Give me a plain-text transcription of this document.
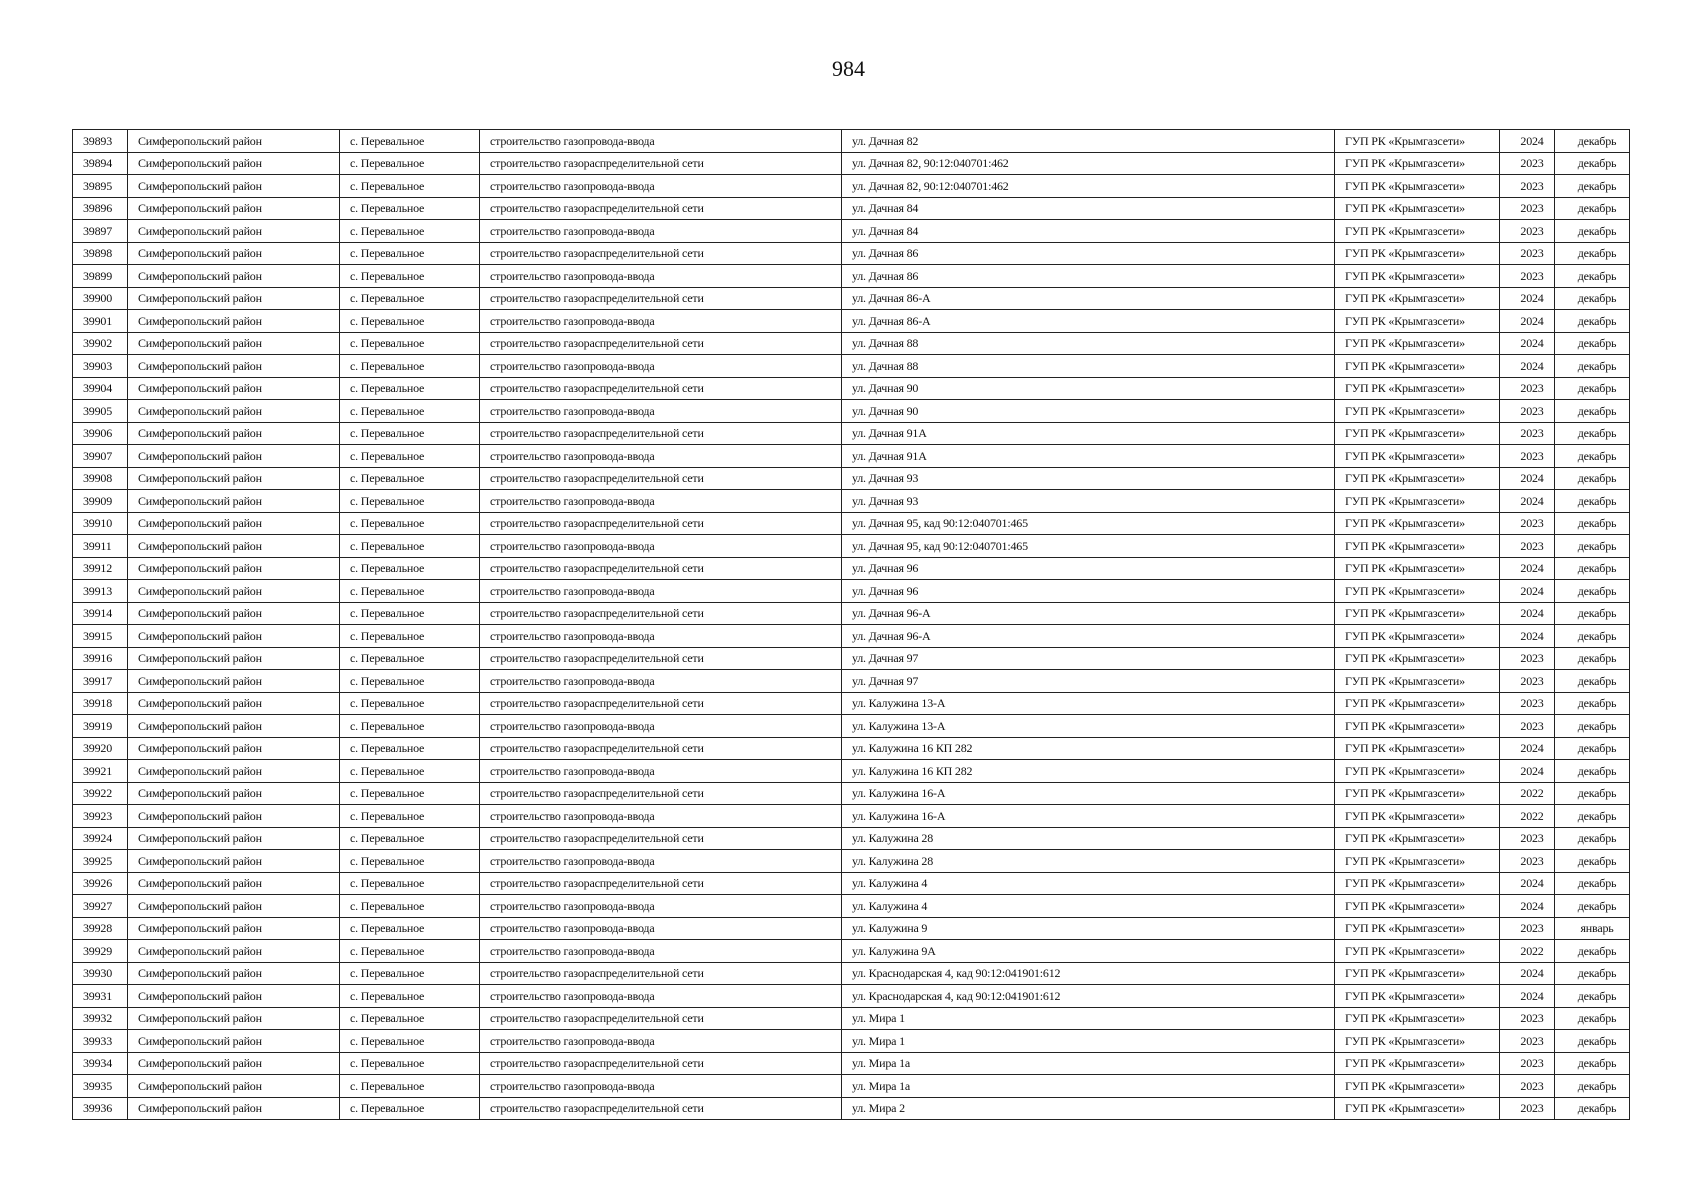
984
39893	Симферопольский район	с. Перевальное	строительство газопровода-ввода	ул. Дачная 82	ГУП РК «Крымгазсети»	2024	декабрь
39894	Симферопольский район	с. Перевальное	строительство газораспределительной сети	ул. Дачная 82, 90:12:040701:462	ГУП РК «Крымгазсети»	2023	декабрь
39895	Симферопольский район	с. Перевальное	строительство газопровода-ввода	ул. Дачная 82, 90:12:040701:462	ГУП РК «Крымгазсети»	2023	декабрь
39896	Симферопольский район	с. Перевальное	строительство газораспределительной сети	ул. Дачная 84	ГУП РК «Крымгазсети»	2023	декабрь
39897	Симферопольский район	с. Перевальное	строительство газопровода-ввода	ул. Дачная 84	ГУП РК «Крымгазсети»	2023	декабрь
39898	Симферопольский район	с. Перевальное	строительство газораспределительной сети	ул. Дачная 86	ГУП РК «Крымгазсети»	2023	декабрь
39899	Симферопольский район	с. Перевальное	строительство газопровода-ввода	ул. Дачная 86	ГУП РК «Крымгазсети»	2023	декабрь
39900	Симферопольский район	с. Перевальное	строительство газораспределительной сети	ул. Дачная 86-А	ГУП РК «Крымгазсети»	2024	декабрь
39901	Симферопольский район	с. Перевальное	строительство газопровода-ввода	ул. Дачная 86-А	ГУП РК «Крымгазсети»	2024	декабрь
39902	Симферопольский район	с. Перевальное	строительство газораспределительной сети	ул. Дачная 88	ГУП РК «Крымгазсети»	2024	декабрь
39903	Симферопольский район	с. Перевальное	строительство газопровода-ввода	ул. Дачная 88	ГУП РК «Крымгазсети»	2024	декабрь
39904	Симферопольский район	с. Перевальное	строительство газораспределительной сети	ул. Дачная 90	ГУП РК «Крымгазсети»	2023	декабрь
39905	Симферопольский район	с. Перевальное	строительство газопровода-ввода	ул. Дачная 90	ГУП РК «Крымгазсети»	2023	декабрь
39906	Симферопольский район	с. Перевальное	строительство газораспределительной сети	ул. Дачная 91А	ГУП РК «Крымгазсети»	2023	декабрь
39907	Симферопольский район	с. Перевальное	строительство газопровода-ввода	ул. Дачная 91А	ГУП РК «Крымгазсети»	2023	декабрь
39908	Симферопольский район	с. Перевальное	строительство газораспределительной сети	ул. Дачная 93	ГУП РК «Крымгазсети»	2024	декабрь
39909	Симферопольский район	с. Перевальное	строительство газопровода-ввода	ул. Дачная 93	ГУП РК «Крымгазсети»	2024	декабрь
39910	Симферопольский район	с. Перевальное	строительство газораспределительной сети	ул. Дачная 95, кад 90:12:040701:465	ГУП РК «Крымгазсети»	2023	декабрь
39911	Симферопольский район	с. Перевальное	строительство газопровода-ввода	ул. Дачная 95, кад 90:12:040701:465	ГУП РК «Крымгазсети»	2023	декабрь
39912	Симферопольский район	с. Перевальное	строительство газораспределительной сети	ул. Дачная 96	ГУП РК «Крымгазсети»	2024	декабрь
39913	Симферопольский район	с. Перевальное	строительство газопровода-ввода	ул. Дачная 96	ГУП РК «Крымгазсети»	2024	декабрь
39914	Симферопольский район	с. Перевальное	строительство газораспределительной сети	ул. Дачная 96-А	ГУП РК «Крымгазсети»	2024	декабрь
39915	Симферопольский район	с. Перевальное	строительство газопровода-ввода	ул. Дачная 96-А	ГУП РК «Крымгазсети»	2024	декабрь
39916	Симферопольский район	с. Перевальное	строительство газораспределительной сети	ул. Дачная 97	ГУП РК «Крымгазсети»	2023	декабрь
39917	Симферопольский район	с. Перевальное	строительство газопровода-ввода	ул. Дачная 97	ГУП РК «Крымгазсети»	2023	декабрь
39918	Симферопольский район	с. Перевальное	строительство газораспределительной сети	ул. Калужина 13-А	ГУП РК «Крымгазсети»	2023	декабрь
39919	Симферопольский район	с. Перевальное	строительство газопровода-ввода	ул. Калужина 13-А	ГУП РК «Крымгазсети»	2023	декабрь
39920	Симферопольский район	с. Перевальное	строительство газораспределительной сети	ул. Калужина 16 КП 282	ГУП РК «Крымгазсети»	2024	декабрь
39921	Симферопольский район	с. Перевальное	строительство газопровода-ввода	ул. Калужина 16 КП 282	ГУП РК «Крымгазсети»	2024	декабрь
39922	Симферопольский район	с. Перевальное	строительство газораспределительной сети	ул. Калужина 16-А	ГУП РК «Крымгазсети»	2022	декабрь
39923	Симферопольский район	с. Перевальное	строительство газопровода-ввода	ул. Калужина 16-А	ГУП РК «Крымгазсети»	2022	декабрь
39924	Симферопольский район	с. Перевальное	строительство газораспределительной сети	ул. Калужина 28	ГУП РК «Крымгазсети»	2023	декабрь
39925	Симферопольский район	с. Перевальное	строительство газопровода-ввода	ул. Калужина 28	ГУП РК «Крымгазсети»	2023	декабрь
39926	Симферопольский район	с. Перевальное	строительство газораспределительной сети	ул. Калужина 4	ГУП РК «Крымгазсети»	2024	декабрь
39927	Симферопольский район	с. Перевальное	строительство газопровода-ввода	ул. Калужина 4	ГУП РК «Крымгазсети»	2024	декабрь
39928	Симферопольский район	с. Перевальное	строительство газопровода-ввода	ул. Калужина 9	ГУП РК «Крымгазсети»	2023	январь
39929	Симферопольский район	с. Перевальное	строительство газопровода-ввода	ул. Калужина 9А	ГУП РК «Крымгазсети»	2022	декабрь
39930	Симферопольский район	с. Перевальное	строительство газораспределительной сети	ул. Краснодарская 4, кад 90:12:041901:612	ГУП РК «Крымгазсети»	2024	декабрь
39931	Симферопольский район	с. Перевальное	строительство газопровода-ввода	ул. Краснодарская 4, кад 90:12:041901:612	ГУП РК «Крымгазсети»	2024	декабрь
39932	Симферопольский район	с. Перевальное	строительство газораспределительной сети	ул. Мира 1	ГУП РК «Крымгазсети»	2023	декабрь
39933	Симферопольский район	с. Перевальное	строительство газопровода-ввода	ул. Мира 1	ГУП РК «Крымгазсети»	2023	декабрь
39934	Симферопольский район	с. Перевальное	строительство газораспределительной сети	ул. Мира 1а	ГУП РК «Крымгазсети»	2023	декабрь
39935	Симферопольский район	с. Перевальное	строительство газопровода-ввода	ул. Мира 1а	ГУП РК «Крымгазсети»	2023	декабрь
39936	Симферопольский район	с. Перевальное	строительство газораспределительной сети	ул. Мира 2	ГУП РК «Крымгазсети»	2023	декабрь
